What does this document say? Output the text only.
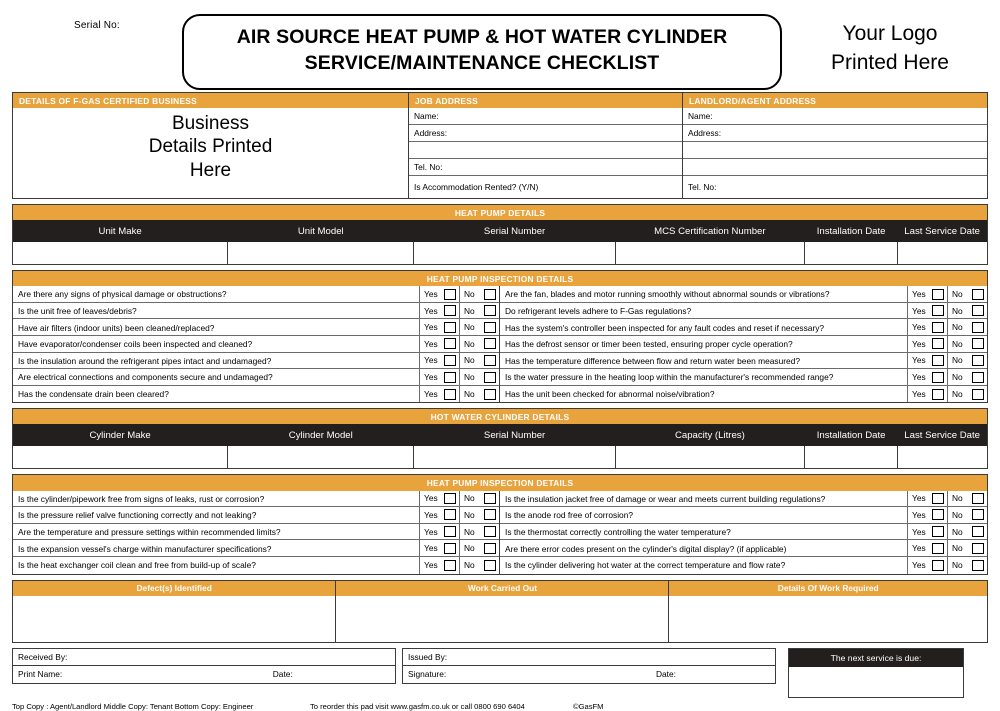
Serial No:
AIR SOURCE HEAT PUMP & HOT WATER CYLINDER
SERVICE/MAINTENANCE CHECKLIST
Your Logo
Printed Here
DETAILS OF F-GAS CERTIFIED BUSINESS
Business
Details Printed
Here
JOB ADDRESS
Name:
Address:
Tel. No:
Is Accommodation Rented? (Y/N)
LANDLORD/AGENT ADDRESS
Name:
Address:
Tel. No:
HEAT PUMP DETAILS
Unit Make	Unit Model	Serial Number	MCS Certification Number	Installation Date	Last Service Date
HEAT PUMP INSPECTION DETAILS
Are there any signs of physical damage or obstructions?	Yes	No
Is the unit free of leaves/debris?	Yes	No
Have air filters (indoor units) been cleaned/replaced?	Yes	No
Have evaporator/condenser coils been inspected and cleaned?	Yes	No
Is the insulation around the refrigerant pipes intact and undamaged?	Yes	No
Are electrical connections and components secure and undamaged?	Yes	No
Has the condensate drain been cleared?	Yes	No
Are the fan, blades and motor running smoothly without abnormal sounds or vibrations?	Yes	No
Do refrigerant levels adhere to F-Gas regulations?	Yes	No
Has the system's controller been inspected for any fault codes and reset if necessary?	Yes	No
Has the defrost sensor or timer been tested, ensuring proper cycle operation?	Yes	No
Has the temperature difference between flow and return water been measured?	Yes	No
Is the water pressure in the heating loop within the manufacturer's recommended range?	Yes	No
Has the unit been checked for abnormal noise/vibration?	Yes	No
HOT WATER CYLINDER DETAILS
Cylinder Make	Cylinder Model	Serial Number	Capacity (Litres)	Installation Date	Last Service Date
HEAT PUMP INSPECTION DETAILS
Is the cylinder/pipework free from signs of leaks, rust or corrosion?	Yes	No
Is the pressure relief valve functioning correctly and not leaking?	Yes	No
Are the temperature and pressure settings within recommended limits?	Yes	No
Is the expansion vessel's charge within manufacturer specifications?	Yes	No
Is the heat exchanger coil clean and free from build-up of scale?	Yes	No
Is the insulation jacket free of damage or wear and meets current building regulations?	Yes	No
Is the anode rod free of corrosion?	Yes	No
Is the thermostat correctly controlling the water temperature?	Yes	No
Are there error codes present on the cylinder's digital display? (if applicable)	Yes	No
Is the cylinder delivering hot water at the correct temperature and flow rate?	Yes	No
Defect(s) Identified	Work Carried Out	Details Of Work Required
Received By:
Print Name:	Date:
Issued By:
Signature:	Date:
The next service is due:
Top Copy : Agent/Landlord Middle Copy: Tenant Bottom Copy: Engineer	To reorder this pad visit www.gasfm.co.uk or call 0800 690 6404	©GasFM
